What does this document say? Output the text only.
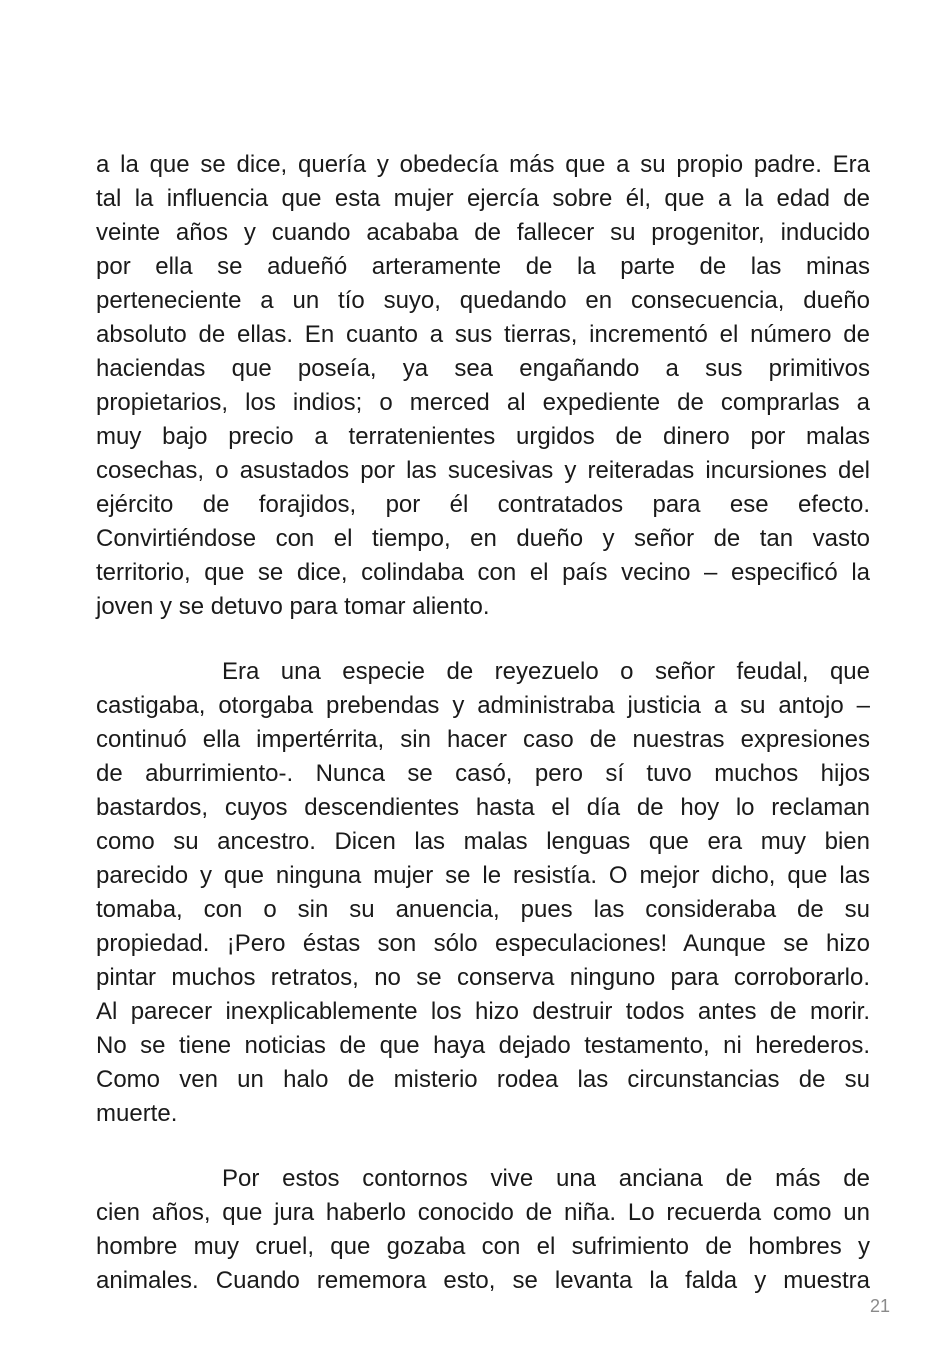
a la que se dice, quería y obedecía más que a su propio padre. Era
tal la influencia que esta mujer ejercía sobre él, que a la edad de
veinte años y cuando acababa de fallecer su progenitor, inducido
por ella se adueñó arteramente de la parte de las minas
perteneciente a un tío suyo, quedando en consecuencia, dueño
absoluto de ellas. En cuanto a sus tierras, incrementó el número de
haciendas que poseía, ya sea engañando a sus primitivos
propietarios, los indios; o merced al expediente de comprarlas a
muy bajo precio a terratenientes urgidos de dinero por malas
cosechas, o asustados por las sucesivas y reiteradas incursiones del
ejército de forajidos, por él contratados para ese efecto.
Convirtiéndose con el tiempo, en dueño y señor de tan vasto
territorio, que se dice, colindaba con el país vecino – especificó la
joven y se detuvo para tomar aliento.
Era una especie de reyezuelo o señor feudal, que
castigaba, otorgaba prebendas y administraba justicia a su antojo –
continuó ella impertérrita, sin hacer caso de nuestras expresiones
de aburrimiento-. Nunca se casó, pero sí tuvo muchos hijos
bastardos, cuyos descendientes hasta el día de hoy lo reclaman
como su ancestro. Dicen las malas lenguas que era muy bien
parecido y que ninguna mujer se le resistía. O mejor dicho, que las
tomaba, con o sin su anuencia, pues las consideraba de su
propiedad. ¡Pero éstas son sólo especulaciones! Aunque se hizo
pintar muchos retratos, no se conserva ninguno para corroborarlo.
Al parecer inexplicablemente los hizo destruir todos antes de morir.
No se tiene noticias de que haya dejado testamento, ni herederos.
Como ven un halo de misterio rodea las circunstancias de su
muerte.
Por estos contornos vive una anciana de más de
cien años, que jura haberlo conocido de niña. Lo recuerda como un
hombre muy cruel, que gozaba con el sufrimiento de hombres y
animales. Cuando rememora esto, se levanta la falda y muestra
21
